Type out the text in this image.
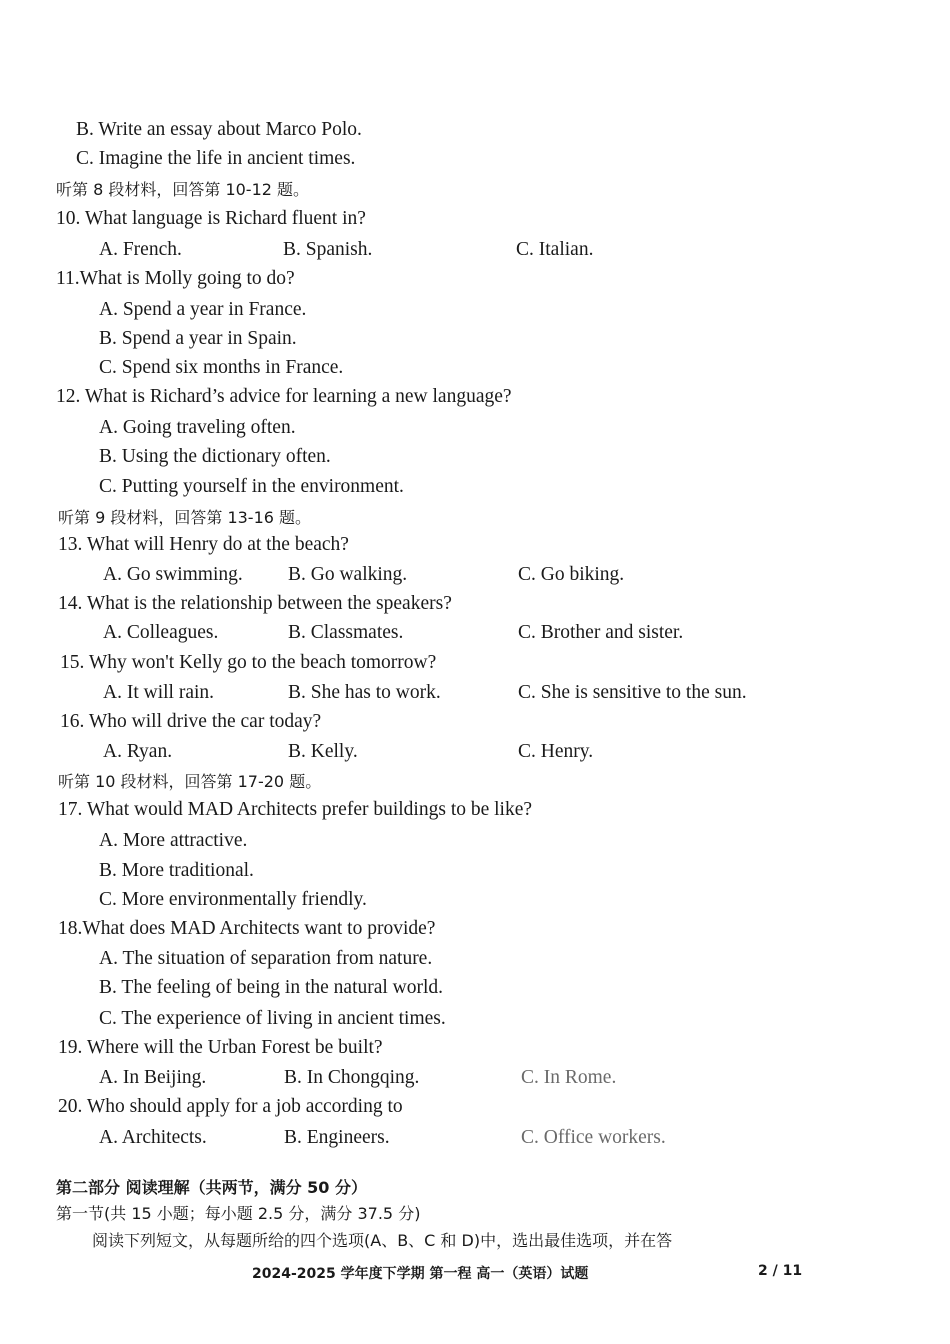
B. Write an essay about Marco Polo.
C. Imagine the life in ancient times.
听第 8 段材料，回答第 10-12 题。
10. What language is Richard fluent in?
A. French.	B. Spanish.	C. Italian.
11.What is Molly going to do?
A. Spend a year in France.
B. Spend a year in Spain.
C. Spend six months in France.
12. What is Richard’s advice for learning a new language?
A. Going traveling often.
B. Using the dictionary often.
C. Putting yourself in the environment.
听第 9 段材料，回答第 13-16 题。
13. What will Henry do at the beach?
A. Go swimming. B. Go walking.	C. Go biking.
14. What is the relationship between the speakers?
A. Colleagues.	B. Classmates.	C. Brother and sister.
15. Why won't Kelly go to the beach tomorrow?
A. It will rain.	B. She has to work.	C. She is sensitive to the sun.
16. Who will drive the car today?
A. Ryan.	B. Kelly.	C. Henry.
听第 10 段材料，回答第 17-20 题。
17. What would MAD Architects prefer buildings to be like?
A. More attractive.
B. More traditional.
C. More environmentally friendly.
18.What does MAD Architects want to provide?
A. The situation of separation from nature.
B. The feeling of being in the natural world.
C. The experience of living in ancient times.
19. Where will the Urban Forest be built?
A. In Beijing.	B. In Chongqing.	C. In Rome.
20. Who should apply for a job according to
A. Architects.	B. Engineers.	C. Office workers.
第二部分 阅读理解（共两节，满分 50 分）
第一节(共 15 小题；每小题 2.5 分，满分 37.5 分)
阅读下列短文，从每题所给的四个选项(A、B、C 和 D)中，选出最佳选项，并在答
2024-2025 学年度下学期 第一程 高一（英语）试题	2 / 11
